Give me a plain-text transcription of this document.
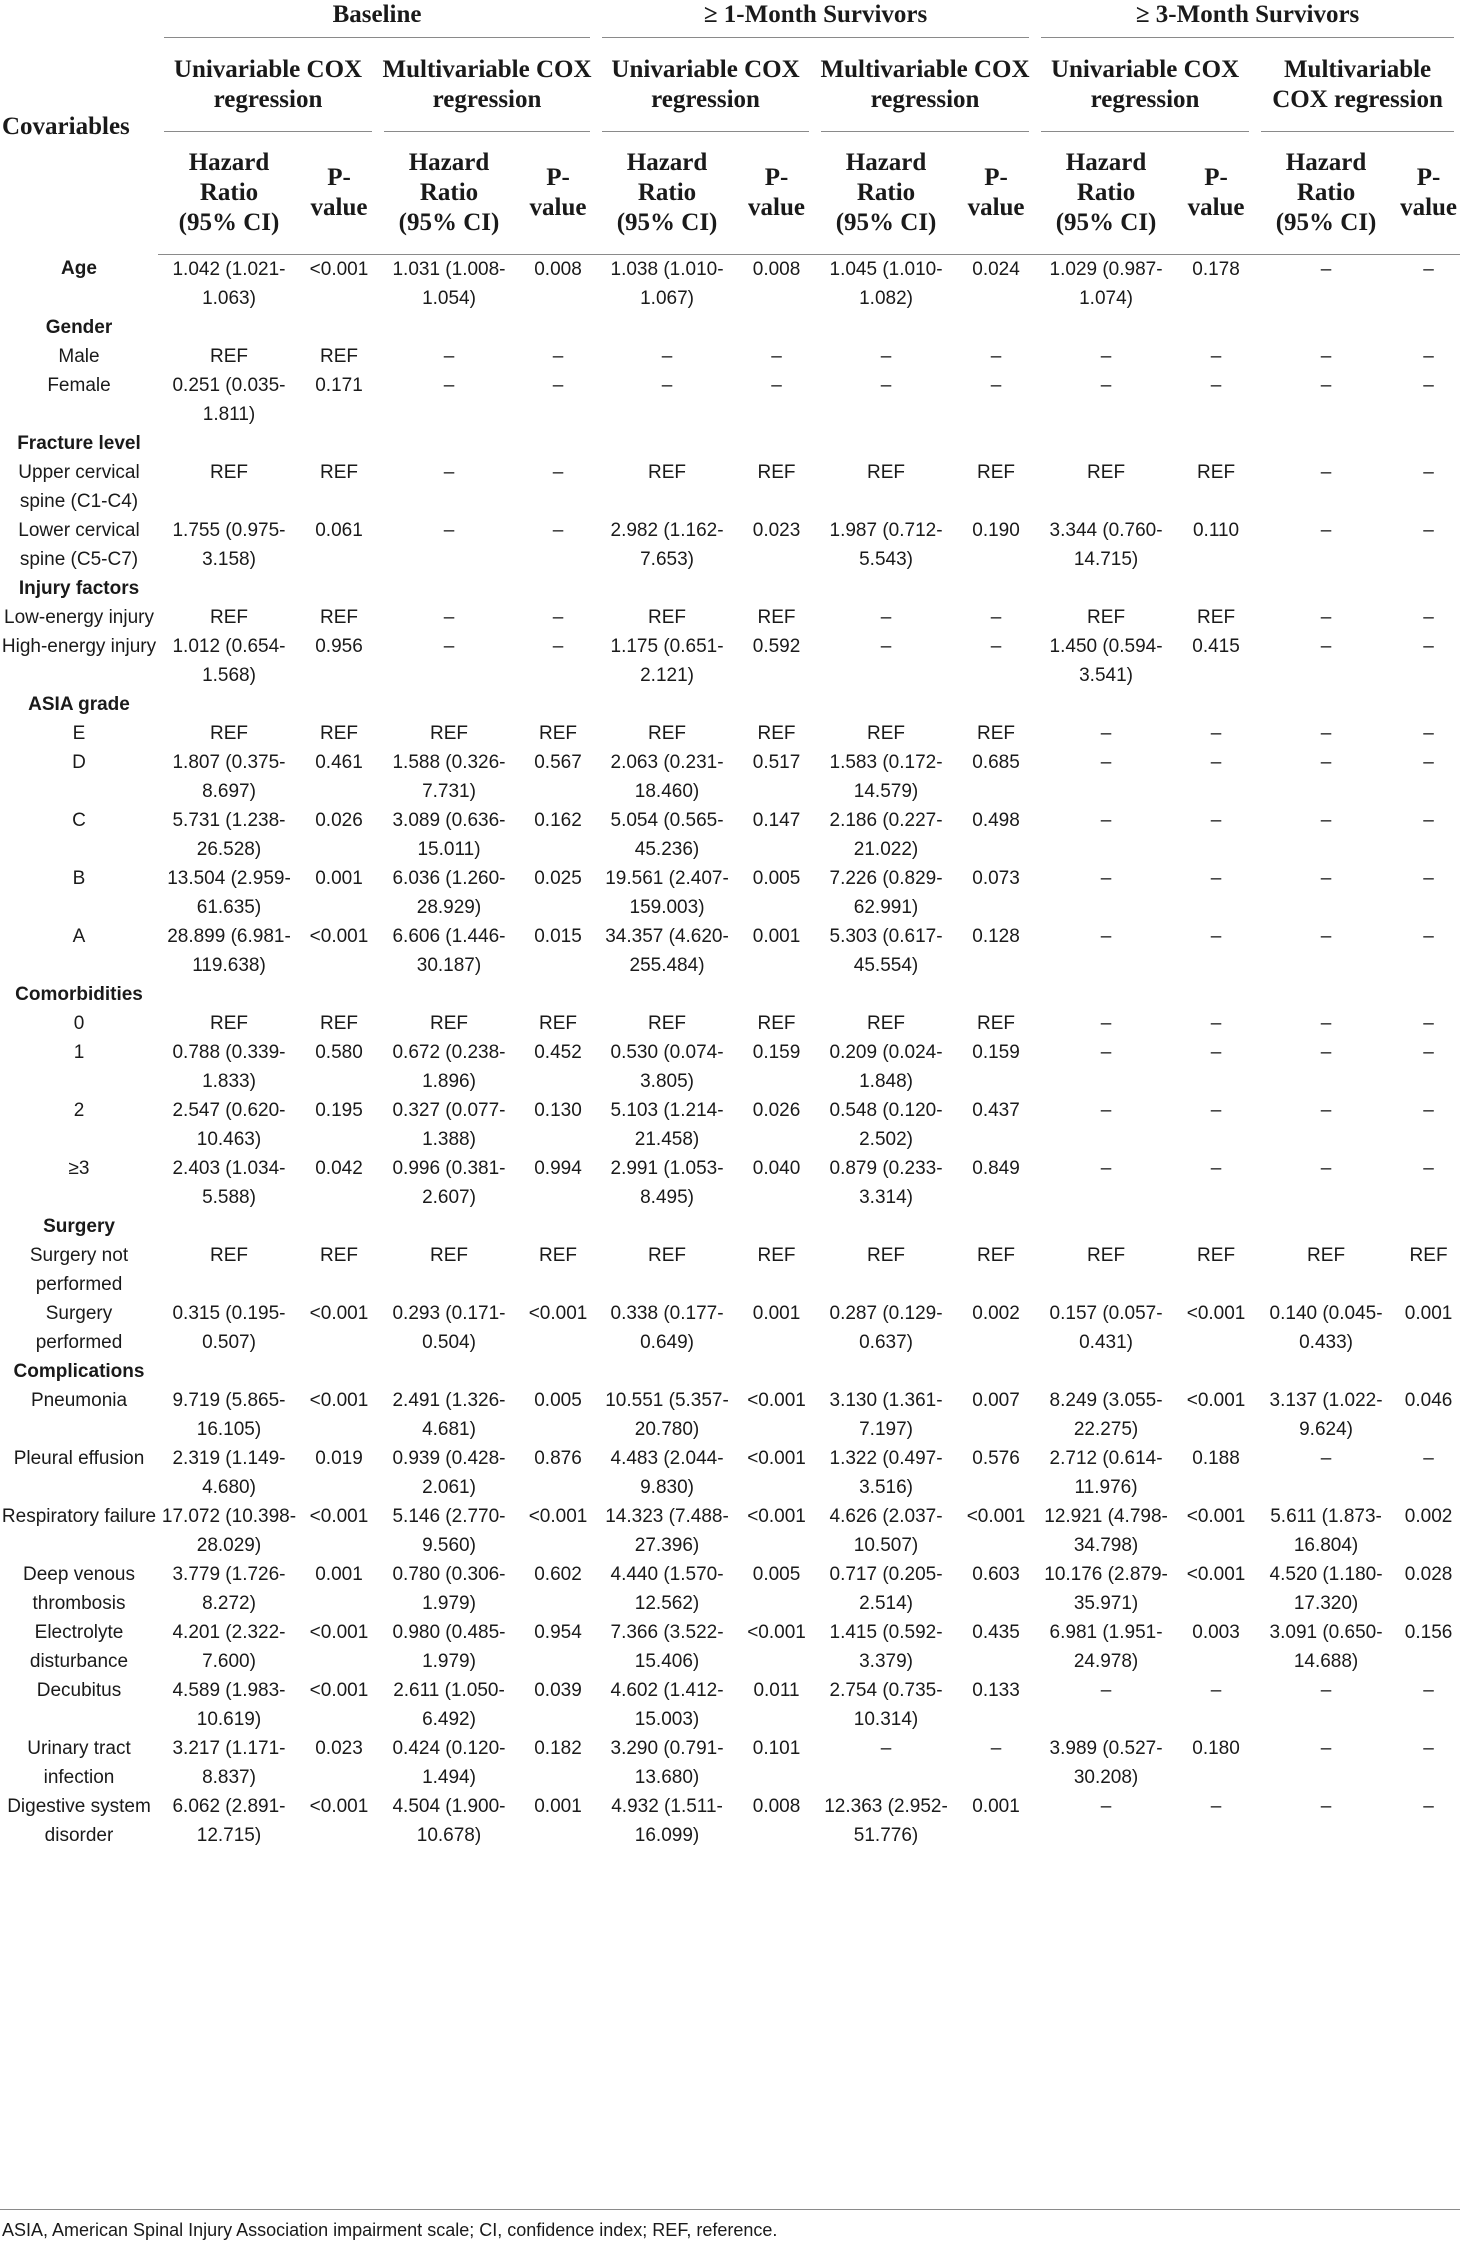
Covariables	Baseline				≥ 1-Month Survivors				≥ 3-Month Survivors			

	Univariable COX regression		Multivariable COX regression		Univariable COX regression		Multivariable COX regression		Univariable COX regression		Multivariable COX regression	

	Hazard Ratio (95% CI)	P-value	Hazard Ratio (95% CI)	P-value	Hazard Ratio (95% CI)	P-value	Hazard Ratio (95% CI)	P-value	Hazard Ratio (95% CI)	P-value	Hazard Ratio (95% CI)	P-value
Age	1.042 (1.021-1.063)	<0.001	1.031 (1.008-1.054)	0.008	1.038 (1.010-1.067)	0.008	1.045 (1.010-1.082)	0.024	1.029 (0.987-1.074)	0.178	–	–
Gender												
Male	REF	REF	–	–	–	–	–	–	–	–	–	–
Female	0.251 (0.035-1.811)	0.171	–	–	–	–	–	–	–	–	–	–
Fracture level												
Upper cervical spine (C1-C4)	REF	REF	–	–	REF	REF	REF	REF	REF	REF	–	–
Lower cervical spine (C5-C7)	1.755 (0.975-3.158)	0.061	–	–	2.982 (1.162-7.653)	0.023	1.987 (0.712-5.543)	0.190	3.344 (0.760-14.715)	0.110	–	–
Injury factors												
Low-energy injury	REF	REF	–	–	REF	REF	–	–	REF	REF	–	–
High-energy injury	1.012 (0.654-1.568)	0.956	–	–	1.175 (0.651-2.121)	0.592	–	–	1.450 (0.594-3.541)	0.415	–	–
ASIA grade												
E	REF	REF	REF	REF	REF	REF	REF	REF	–	–	–	–
D	1.807 (0.375-8.697)	0.461	1.588 (0.326-7.731)	0.567	2.063 (0.231-18.460)	0.517	1.583 (0.172-14.579)	0.685	–	–	–	–
C	5.731 (1.238-26.528)	0.026	3.089 (0.636-15.011)	0.162	5.054 (0.565-45.236)	0.147	2.186 (0.227-21.022)	0.498	–	–	–	–
B	13.504 (2.959-61.635)	0.001	6.036 (1.260-28.929)	0.025	19.561 (2.407-159.003)	0.005	7.226 (0.829-62.991)	0.073	–	–	–	–
A	28.899 (6.981-119.638)	<0.001	6.606 (1.446-30.187)	0.015	34.357 (4.620-255.484)	0.001	5.303 (0.617-45.554)	0.128	–	–	–	–
Comorbidities												
0	REF	REF	REF	REF	REF	REF	REF	REF	–	–	–	–
1	0.788 (0.339-1.833)	0.580	0.672 (0.238-1.896)	0.452	0.530 (0.074-3.805)	0.159	0.209 (0.024-1.848)	0.159	–	–	–	–
2	2.547 (0.620-10.463)	0.195	0.327 (0.077-1.388)	0.130	5.103 (1.214-21.458)	0.026	0.548 (0.120-2.502)	0.437	–	–	–	–
≥3	2.403 (1.034-5.588)	0.042	0.996 (0.381-2.607)	0.994	2.991 (1.053-8.495)	0.040	0.879 (0.233-3.314)	0.849	–	–	–	–
Surgery												
Surgery not performed	REF	REF	REF	REF	REF	REF	REF	REF	REF	REF	REF	REF
Surgery performed	0.315 (0.195-0.507)	<0.001	0.293 (0.171-0.504)	<0.001	0.338 (0.177-0.649)	0.001	0.287 (0.129-0.637)	0.002	0.157 (0.057-0.431)	<0.001	0.140 (0.045-0.433)	0.001
Complications												
Pneumonia	9.719 (5.865-16.105)	<0.001	2.491 (1.326-4.681)	0.005	10.551 (5.357-20.780)	<0.001	3.130 (1.361-7.197)	0.007	8.249 (3.055-22.275)	<0.001	3.137 (1.022-9.624)	0.046
Pleural effusion	2.319 (1.149-4.680)	0.019	0.939 (0.428-2.061)	0.876	4.483 (2.044-9.830)	<0.001	1.322 (0.497-3.516)	0.576	2.712 (0.614-11.976)	0.188	–	–
Respiratory failure	17.072 (10.398-28.029)	<0.001	5.146 (2.770-9.560)	<0.001	14.323 (7.488-27.396)	<0.001	4.626 (2.037-10.507)	<0.001	12.921 (4.798-34.798)	<0.001	5.611 (1.873-16.804)	0.002
Deep venous thrombosis	3.779 (1.726-8.272)	0.001	0.780 (0.306-1.979)	0.602	4.440 (1.570-12.562)	0.005	0.717 (0.205-2.514)	0.603	10.176 (2.879-35.971)	<0.001	4.520 (1.180-17.320)	0.028
Electrolyte disturbance	4.201 (2.322-7.600)	<0.001	0.980 (0.485-1.979)	0.954	7.366 (3.522-15.406)	<0.001	1.415 (0.592-3.379)	0.435	6.981 (1.951-24.978)	0.003	3.091 (0.650-14.688)	0.156
Decubitus	4.589 (1.983-10.619)	<0.001	2.611 (1.050-6.492)	0.039	4.602 (1.412-15.003)	0.011	2.754 (0.735-10.314)	0.133	–	–	–	–
Urinary tract infection	3.217 (1.171-8.837)	0.023	0.424 (0.120-1.494)	0.182	3.290 (0.791-13.680)	0.101	–	–	3.989 (0.527-30.208)	0.180	–	–
Digestive system disorder	6.062 (2.891-12.715)	<0.001	4.504 (1.900-10.678)	0.001	4.932 (1.511-16.099)	0.008	12.363 (2.952-51.776)	0.001	–	–	–	–
ASIA, American Spinal Injury Association impairment scale; CI, confidence index; REF, reference.
